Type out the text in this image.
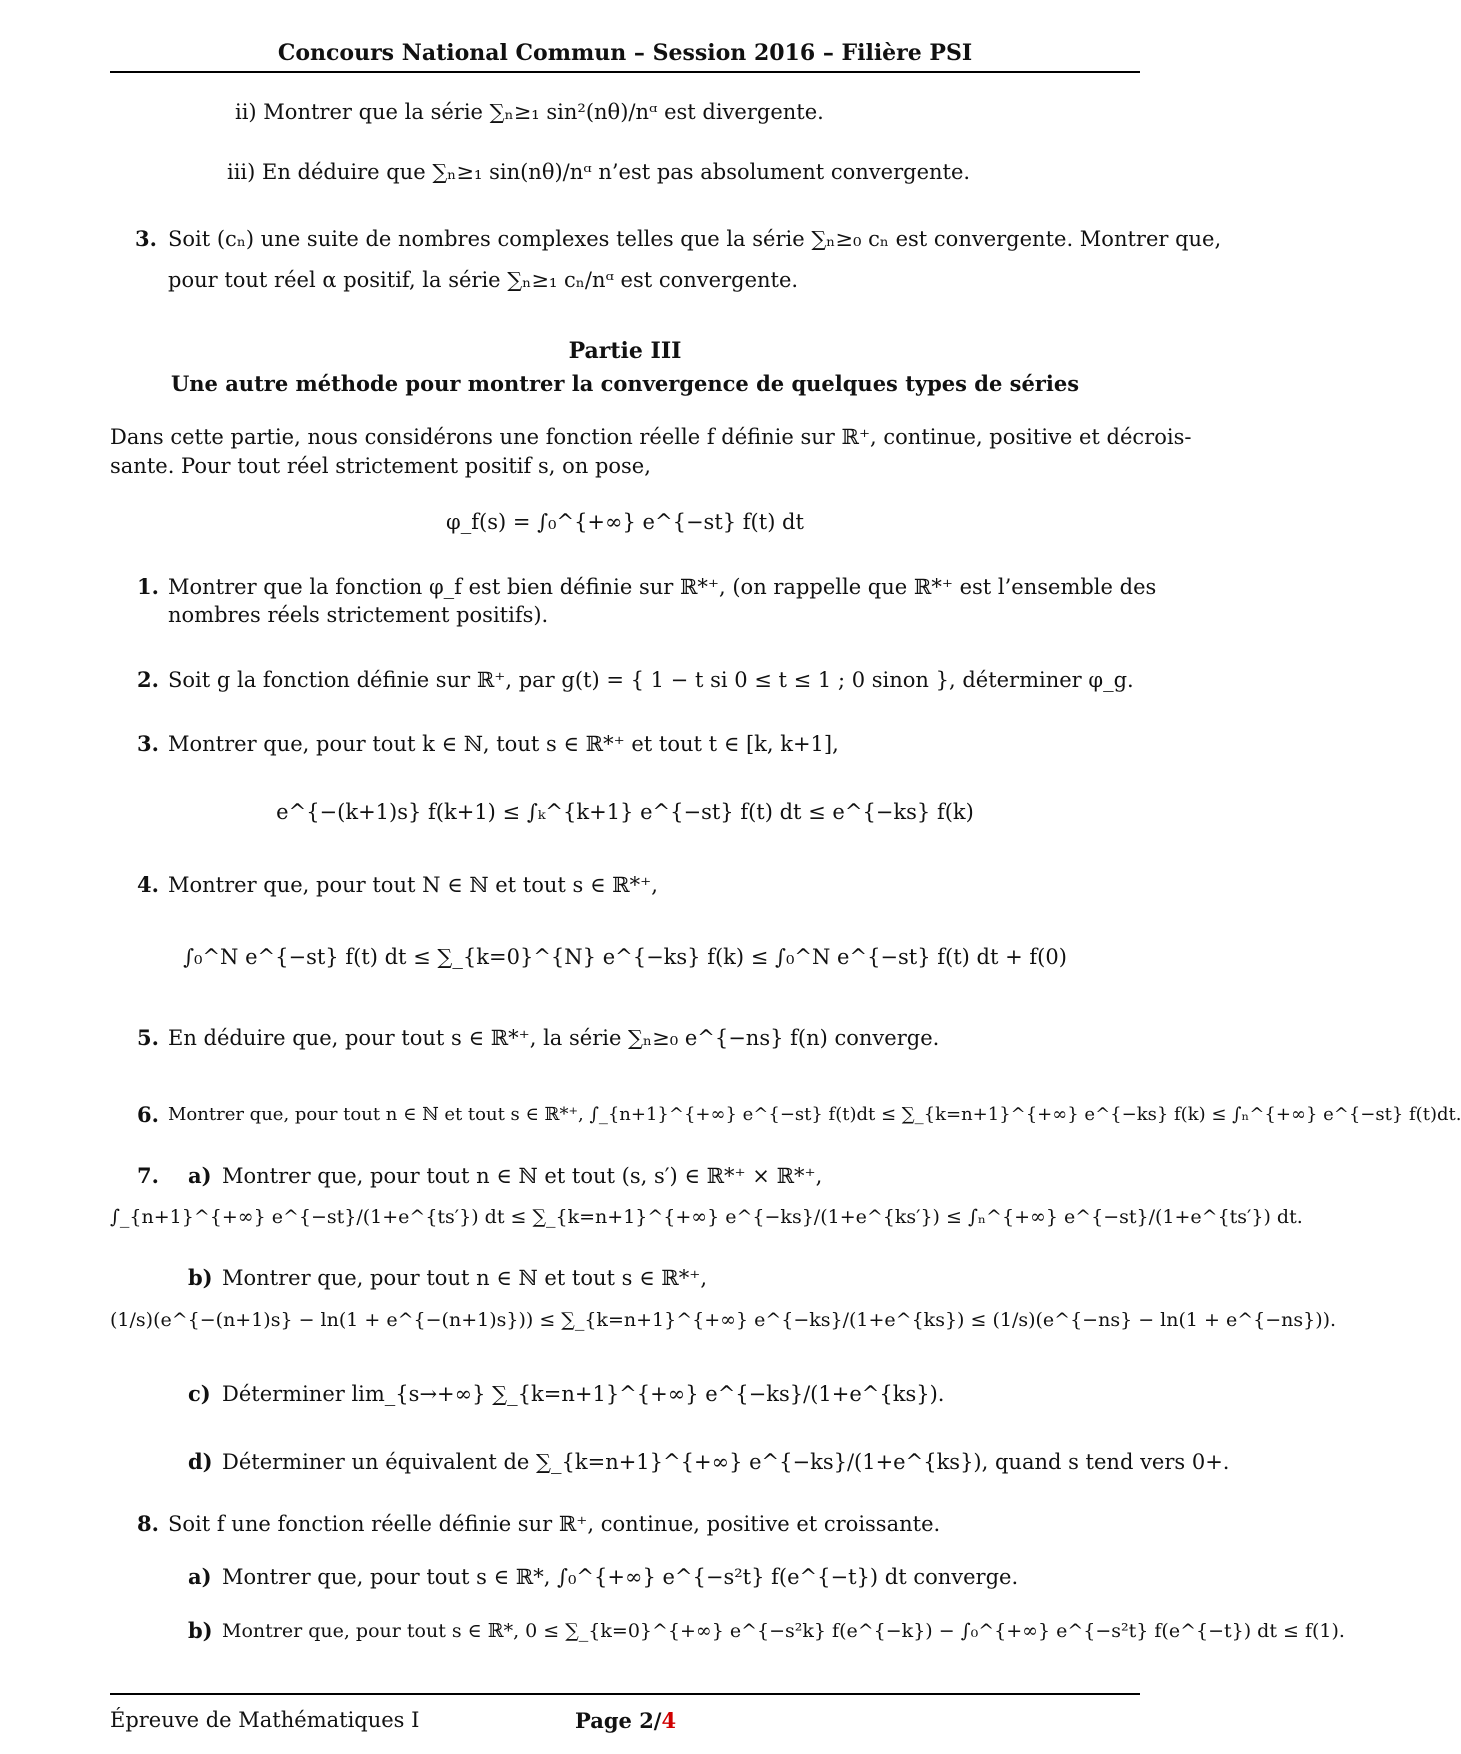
Concours National Commun – Session 2016 – Filière PSI
ii) Montrer que la série ∑ₙ≥₁ sin²(nθ)/nᵅ est divergente.
iii) En déduire que ∑ₙ≥₁ sin(nθ)/nᵅ n’est pas absolument convergente.
3. Soit (cₙ) une suite de nombres complexes telles que la série ∑ₙ≥₀ cₙ est convergente. Montrer que,
pour tout réel α positif, la série ∑ₙ≥₁ cₙ/nᵅ est convergente.
Partie III
Une autre méthode pour montrer la convergence de quelques types de séries
Dans cette partie, nous considérons une fonction réelle f définie sur ℝ⁺, continue, positive et décrois-
sante. Pour tout réel strictement positif s, on pose,
φ_f(s) = ∫₀^{+∞} e^{−st} f(t) dt
1. Montrer que la fonction φ_f est bien définie sur ℝ*⁺, (on rappelle que ℝ*⁺ est l’ensemble des
nombres réels strictement positifs).
2. Soit g la fonction définie sur ℝ⁺, par g(t) = { 1 − t si 0 ≤ t ≤ 1 ; 0 sinon }, déterminer φ_g.
3. Montrer que, pour tout k ∈ ℕ, tout s ∈ ℝ*⁺ et tout t ∈ [k, k+1],
e^{−(k+1)s} f(k+1) ≤ ∫ₖ^{k+1} e^{−st} f(t) dt ≤ e^{−ks} f(k)
4. Montrer que, pour tout N ∈ ℕ et tout s ∈ ℝ*⁺,
∫₀^N e^{−st} f(t) dt ≤ ∑_{k=0}^{N} e^{−ks} f(k) ≤ ∫₀^N e^{−st} f(t) dt + f(0)
5. En déduire que, pour tout s ∈ ℝ*⁺, la série ∑ₙ≥₀ e^{−ns} f(n) converge.
6. Montrer que, pour tout n ∈ ℕ et tout s ∈ ℝ*⁺, ∫_{n+1}^{+∞} e^{−st} f(t)dt ≤ ∑_{k=n+1}^{+∞} e^{−ks} f(k) ≤ ∫ₙ^{+∞} e^{−st} f(t)dt.
7. a) Montrer que, pour tout n ∈ ℕ et tout (s, s′) ∈ ℝ*⁺ × ℝ*⁺,
∫_{n+1}^{+∞} e^{−st}/(1+e^{ts′}) dt ≤ ∑_{k=n+1}^{+∞} e^{−ks}/(1+e^{ks′}) ≤ ∫ₙ^{+∞} e^{−st}/(1+e^{ts′}) dt.
b) Montrer que, pour tout n ∈ ℕ et tout s ∈ ℝ*⁺,
(1/s)(e^{−(n+1)s} − ln(1 + e^{−(n+1)s})) ≤ ∑_{k=n+1}^{+∞} e^{−ks}/(1+e^{ks}) ≤ (1/s)(e^{−ns} − ln(1 + e^{−ns})).
c) Déterminer lim_{s→+∞} ∑_{k=n+1}^{+∞} e^{−ks}/(1+e^{ks}).
d) Déterminer un équivalent de ∑_{k=n+1}^{+∞} e^{−ks}/(1+e^{ks}), quand s tend vers 0+.
8. Soit f une fonction réelle définie sur ℝ⁺, continue, positive et croissante.
a) Montrer que, pour tout s ∈ ℝ*, ∫₀^{+∞} e^{−s²t} f(e^{−t}) dt converge.
b) Montrer que, pour tout s ∈ ℝ*, 0 ≤ ∑_{k=0}^{+∞} e^{−s²k} f(e^{−k}) − ∫₀^{+∞} e^{−s²t} f(e^{−t}) dt ≤ f(1).
Épreuve de Mathématiques I	Page 2/4
